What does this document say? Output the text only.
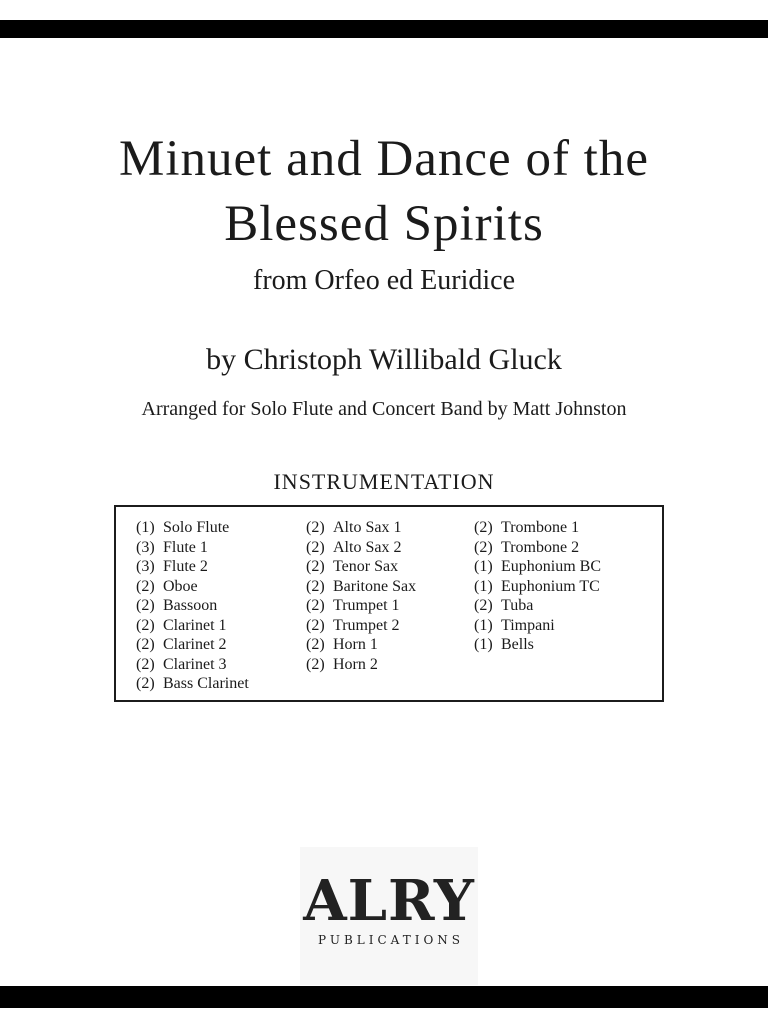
Minuet and Dance of the
Blessed Spirits
from Orfeo ed Euridice
by Christoph Willibald Gluck
Arranged for Solo Flute and Concert Band by Matt Johnston
INSTRUMENTATION
(1) Solo Flute
(3) Flute 1
(3) Flute 2
(2) Oboe
(2) Bassoon
(2) Clarinet 1
(2) Clarinet 2
(2) Clarinet 3
(2) Bass Clarinet
(2) Alto Sax 1
(2) Alto Sax 2
(2) Tenor Sax
(2) Baritone Sax
(2) Trumpet 1
(2) Trumpet 2
(2) Horn 1
(2) Horn 2
(2) Trombone 1
(2) Trombone 2
(1) Euphonium BC
(1) Euphonium TC
(2) Tuba
(1) Timpani
(1) Bells
ALRY
PUBLICATIONS
